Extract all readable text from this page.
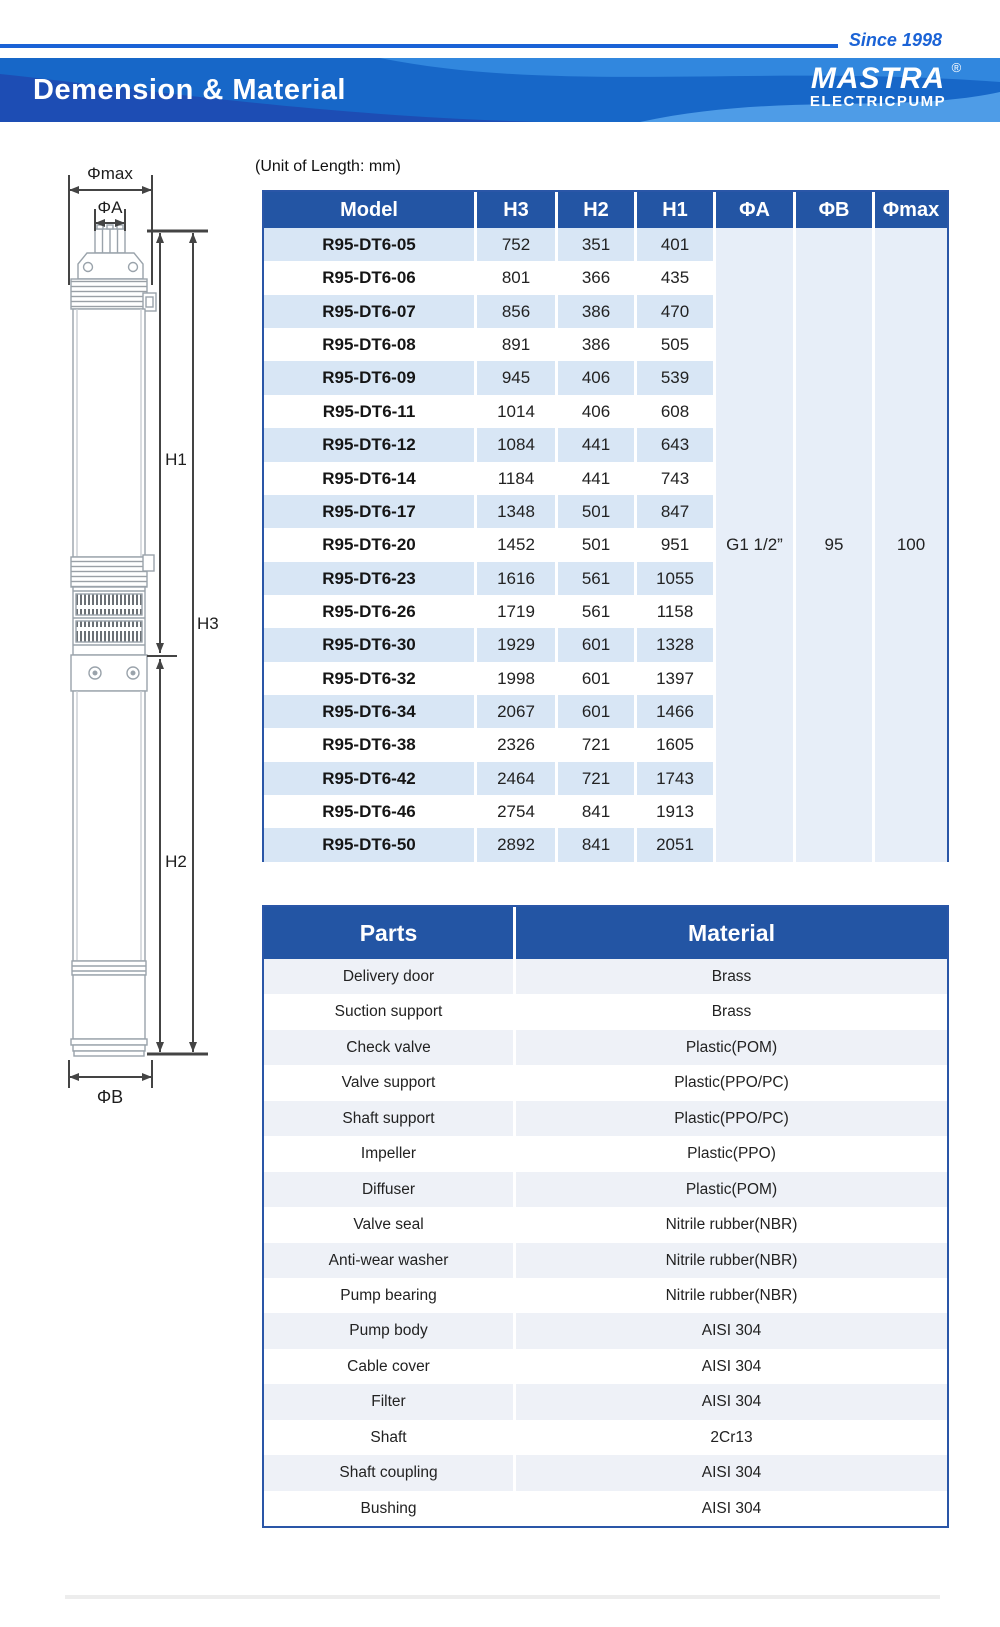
Since 1998
Demension & Material	MASTRA ®
ELECTRICPUMP
(Unit of Length: mm)
Φmax
ΦA
H1
H3
H2
ΦB
Model	H3	H2	H1	ΦA	ΦB	Φmax
R95-DT6-05	752	351	401
R95-DT6-06	801	366	435
R95-DT6-07	856	386	470
R95-DT6-08	891	386	505
R95-DT6-09	945	406	539
R95-DT6-11	1014	406	608
R95-DT6-12	1084	441	643
R95-DT6-14	1184	441	743
R95-DT6-17	1348	501	847
R95-DT6-20	1452	501	951
R95-DT6-23	1616	561	1055
R95-DT6-26	1719	561	1158
R95-DT6-30	1929	601	1328
R95-DT6-32	1998	601	1397
R95-DT6-34	2067	601	1466
R95-DT6-38	2326	721	1605
R95-DT6-42	2464	721	1743
R95-DT6-46	2754	841	1913
R95-DT6-50	2892	841	2051
G1 1/2”	95	100
Parts	Material
Delivery door	Brass
Suction support	Brass
Check valve	Plastic(POM)
Valve support	Plastic(PPO/PC)
Shaft support	Plastic(PPO/PC)
Impeller	Plastic(PPO)
Diffuser	Plastic(POM)
Valve seal	Nitrile rubber(NBR)
Anti-wear washer	Nitrile rubber(NBR)
Pump bearing	Nitrile rubber(NBR)
Pump body	AISI 304
Cable cover	AISI 304
Filter	AISI 304
Shaft	2Cr13
Shaft coupling	AISI 304
Bushing	AISI 304
